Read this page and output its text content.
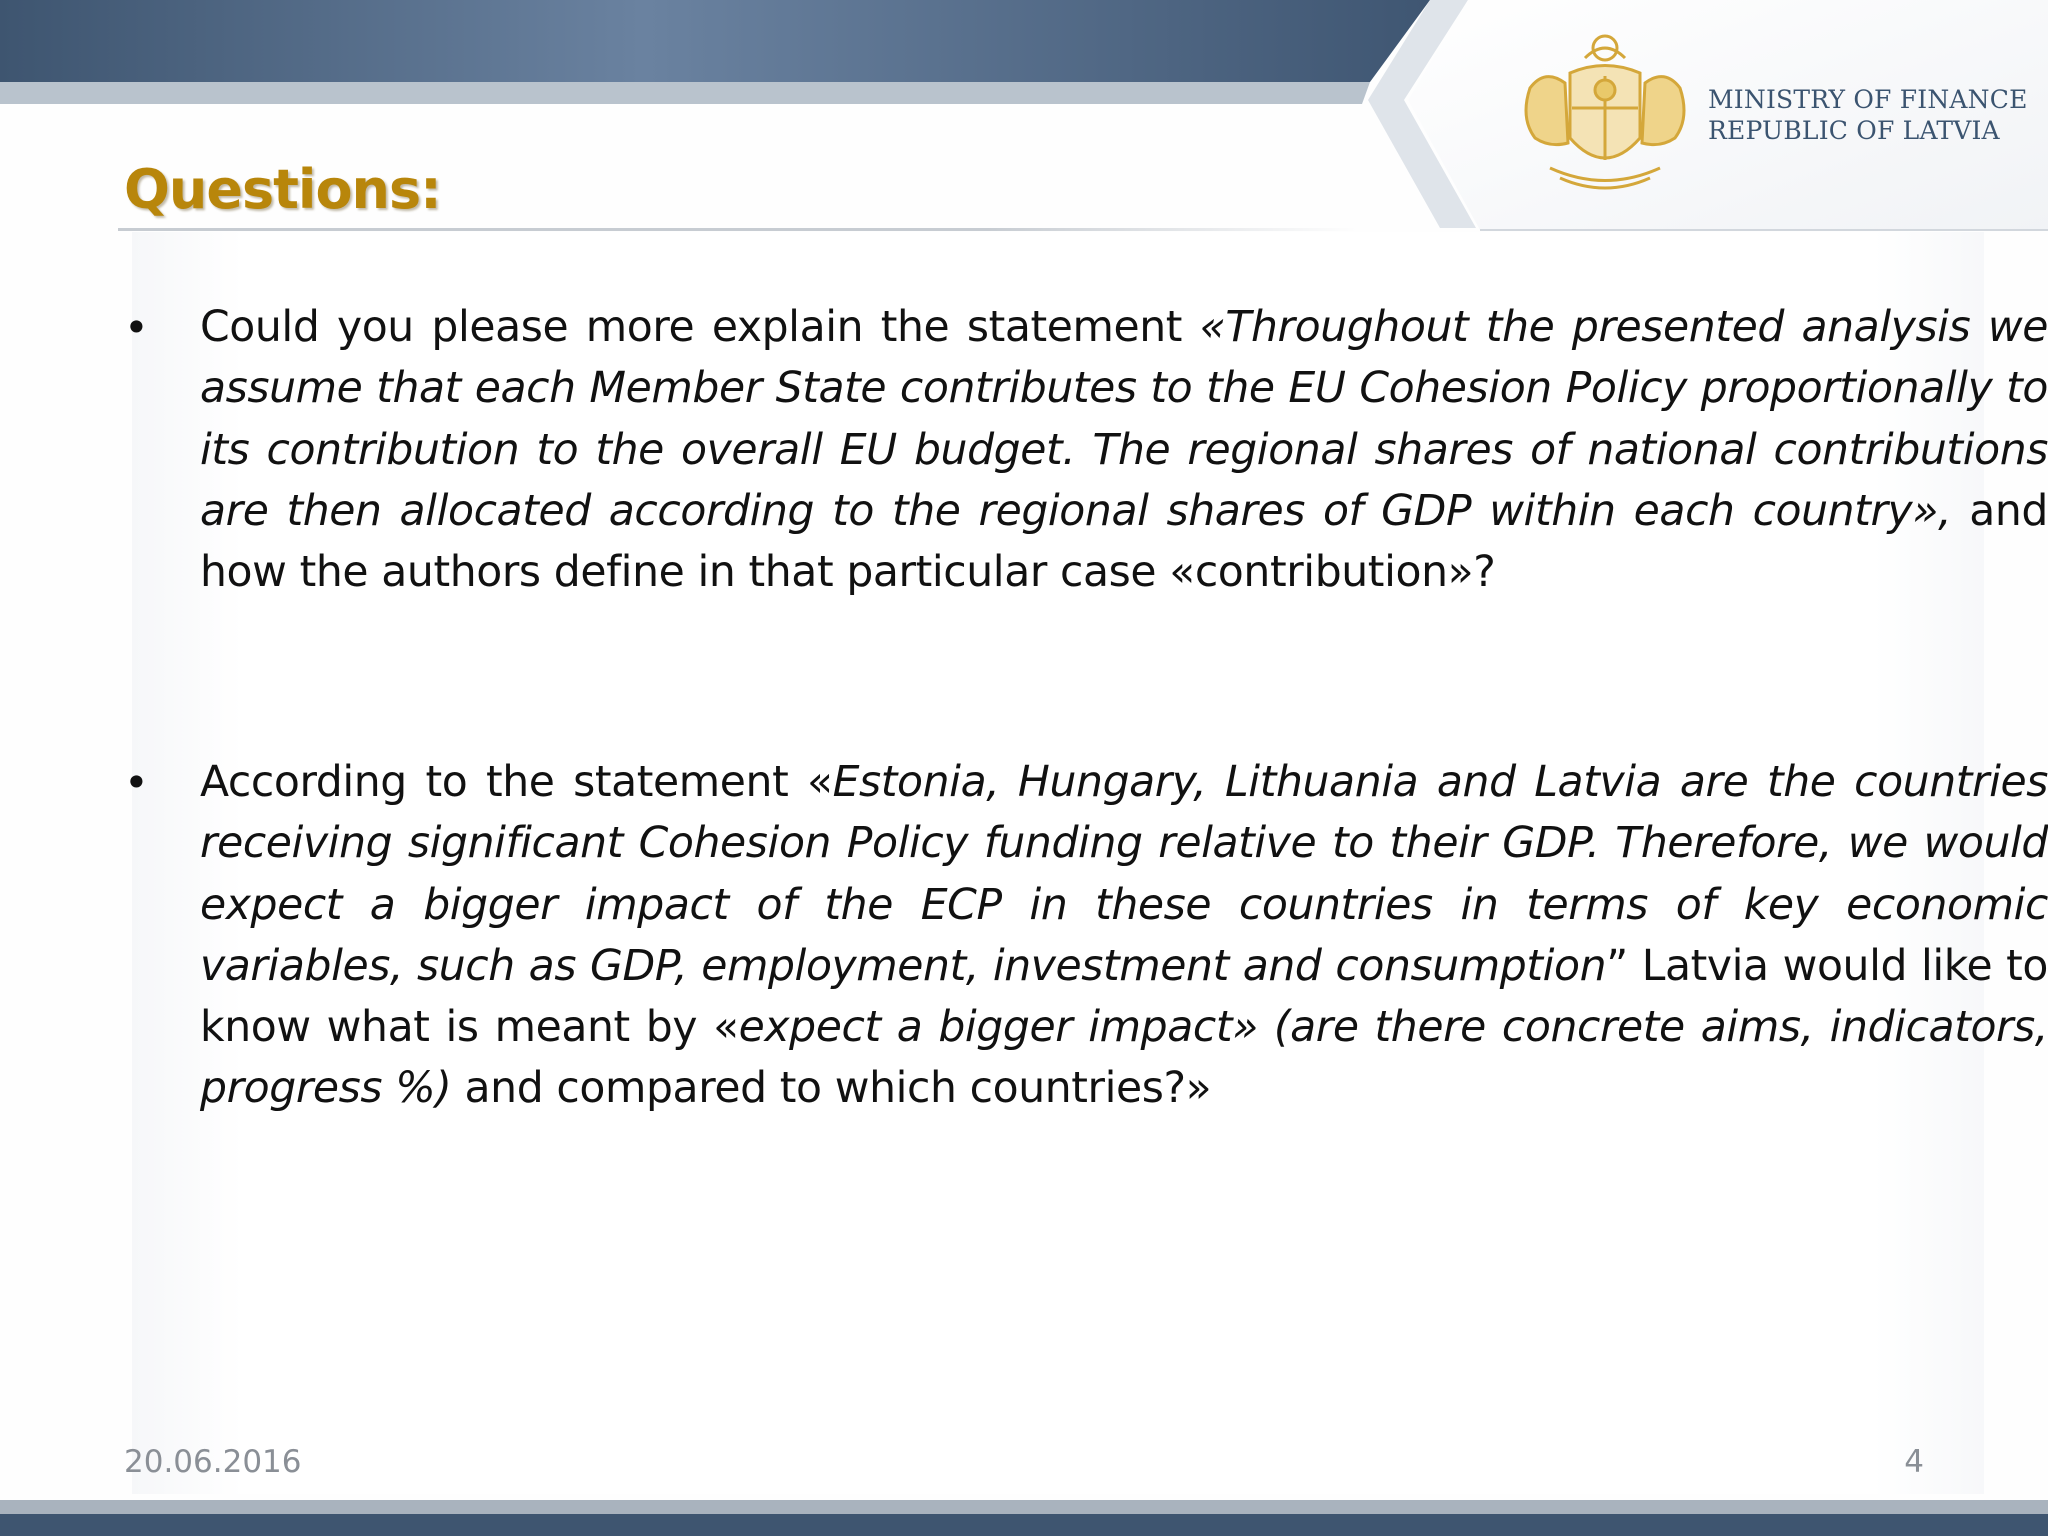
MINISTRY OF FINANCE
REPUBLIC OF LATVIA
Questions:
• Could you please more explain the statement «Throughout the presented analysis we assume that each Member State contributes to the EU Cohesion Policy proportionally to its contribution to the overall EU budget. The regional shares of national contributions are then allocated according to the regional shares of GDP within each country», and how the authors define in that particular case «contribution»?

• According to the statement «Estonia, Hungary, Lithuania and Latvia are the countries receiving significant Cohesion Policy funding relative to their GDP. Therefore, we would expect a bigger impact of the ECP in these countries in terms of key economic variables, such as GDP, employment, investment and consumption” Latvia would like to know what is meant by «expect a bigger impact» (are there concrete aims, indicators, progress %) and compared to which countries?»

20.06.2016	4
